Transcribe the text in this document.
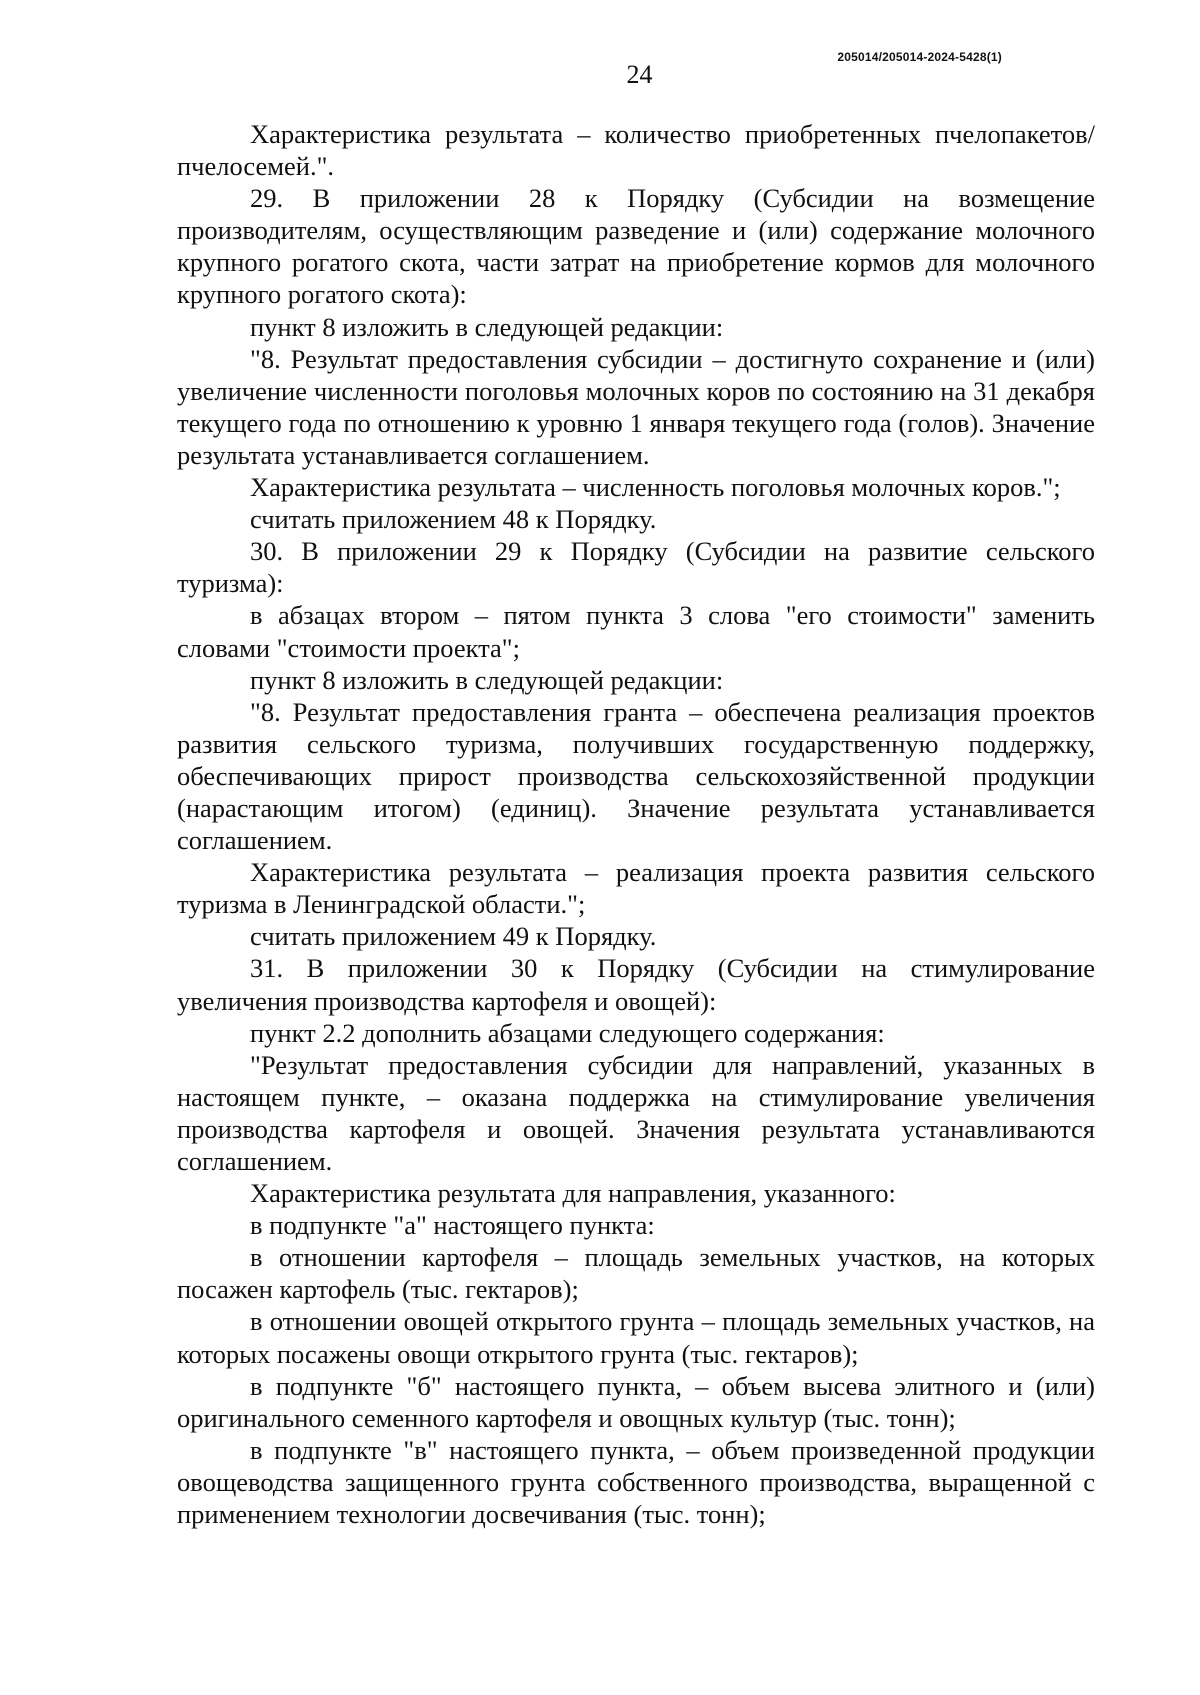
205014/205014-2024-5428(1)
24

Характеристика результата – количество приобретенных пчелопакетов/пчелосемей.".

29. В приложении 28 к Порядку (Субсидии на возмещение производителям, осуществляющим разведение и (или) содержание молочного крупного рогатого скота, части затрат на приобретение кормов для молочного крупного рогатого скота):

пункт 8 изложить в следующей редакции:

"8. Результат предоставления субсидии – достигнуто сохранение и (или) увеличение численности поголовья молочных коров по состоянию на 31 декабря текущего года по отношению к уровню 1 января текущего года (голов). Значение результата устанавливается соглашением.

Характеристика результата – численность поголовья молочных коров.";

считать приложением 48 к Порядку.

30. В приложении 29 к Порядку (Субсидии на развитие сельского туризма):

в абзацах втором – пятом пункта 3 слова "его стоимости" заменить словами "стоимости проекта";

пункт 8 изложить в следующей редакции:

"8. Результат предоставления гранта – обеспечена реализация проектов развития сельского туризма, получивших государственную поддержку, обеспечивающих прирост производства сельскохозяйственной продукции (нарастающим итогом) (единиц). Значение результата устанавливается соглашением.

Характеристика результата – реализация проекта развития сельского туризма в Ленинградской области.";

считать приложением 49 к Порядку.

31. В приложении 30 к Порядку (Субсидии на стимулирование увеличения производства картофеля и овощей):

пункт 2.2 дополнить абзацами следующего содержания:

"Результат предоставления субсидии для направлений, указанных в настоящем пункте, – оказана поддержка на стимулирование увеличения производства картофеля и овощей. Значения результата устанавливаются соглашением.

Характеристика результата для направления, указанного:

в подпункте "а" настоящего пункта:

в отношении картофеля – площадь земельных участков, на которых посажен картофель (тыс. гектаров);

в отношении овощей открытого грунта – площадь земельных участков, на которых посажены овощи открытого грунта (тыс. гектаров);

в подпункте "б" настоящего пункта, – объем высева элитного и (или) оригинального семенного картофеля и овощных культур (тыс. тонн);

в подпункте "в" настоящего пункта, – объем произведенной продукции овощеводства защищенного грунта собственного производства, выращенной с применением технологии досвечивания (тыс. тонн);
